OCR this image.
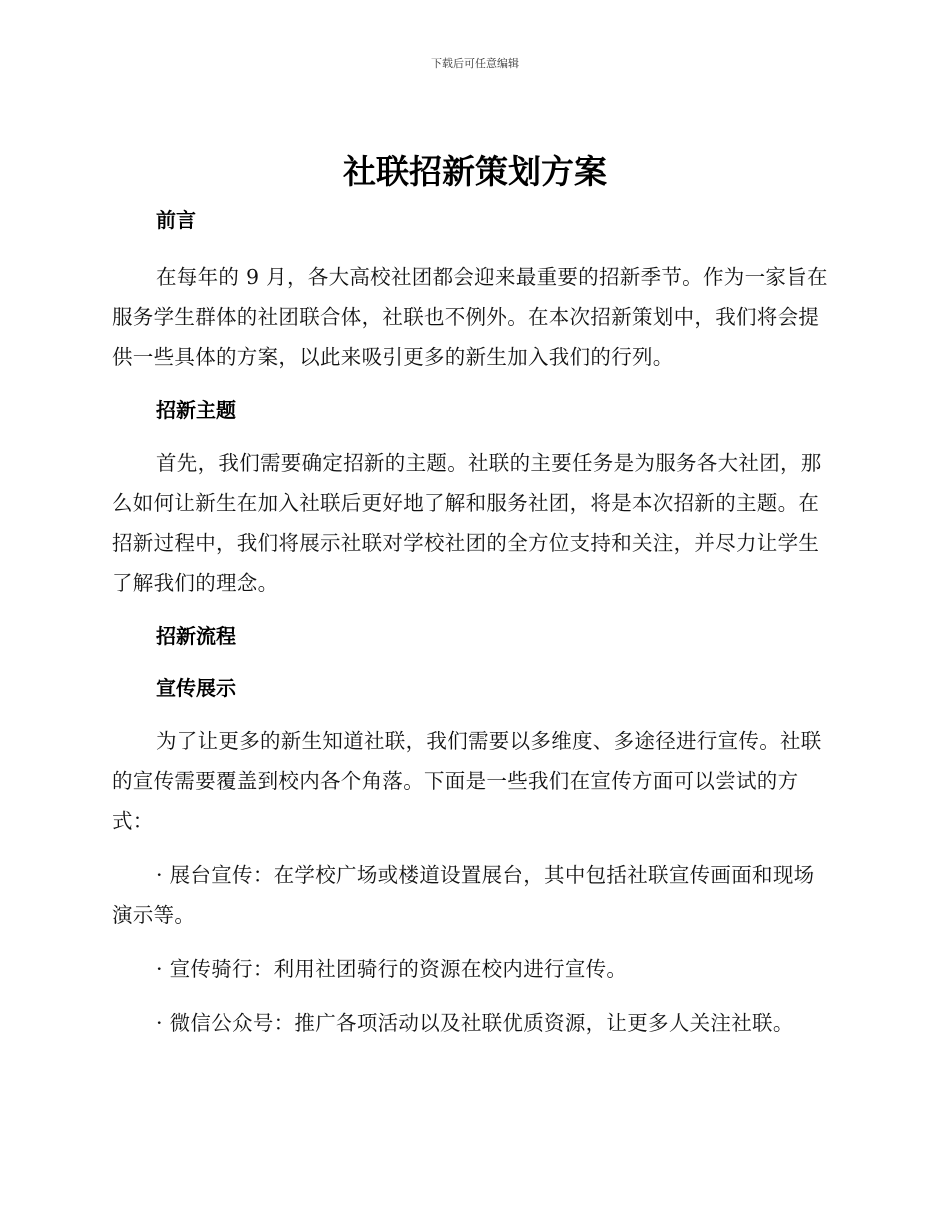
下载后可任意编辑
社联招新策划方案
前言

在每年的 9 月，各大高校社团都会迎来最重要的招新季节。作为一家旨在服务学生群体的社团联合体，社联也不例外。在本次招新策划中，我们将会提供一些具体的方案，以此来吸引更多的新生加入我们的行列。

招新主题

首先，我们需要确定招新的主题。社联的主要任务是为服务各大社团，那么如何让新生在加入社联后更好地了解和服务社团，将是本次招新的主题。在招新过程中，我们将展示社联对学校社团的全方位支持和关注，并尽力让学生了解我们的理念。

招新流程
宣传展示

为了让更多的新生知道社联，我们需要以多维度、多途径进行宣传。社联的宣传需要覆盖到校内各个角落。下面是一些我们在宣传方面可以尝试的方式：

· 展台宣传：在学校广场或楼道设置展台，其中包括社联宣传画面和现场演示等。

· 宣传骑行：利用社团骑行的资源在校内进行宣传。

· 微信公众号：推广各项活动以及社联优质资源，让更多人关注社联。
